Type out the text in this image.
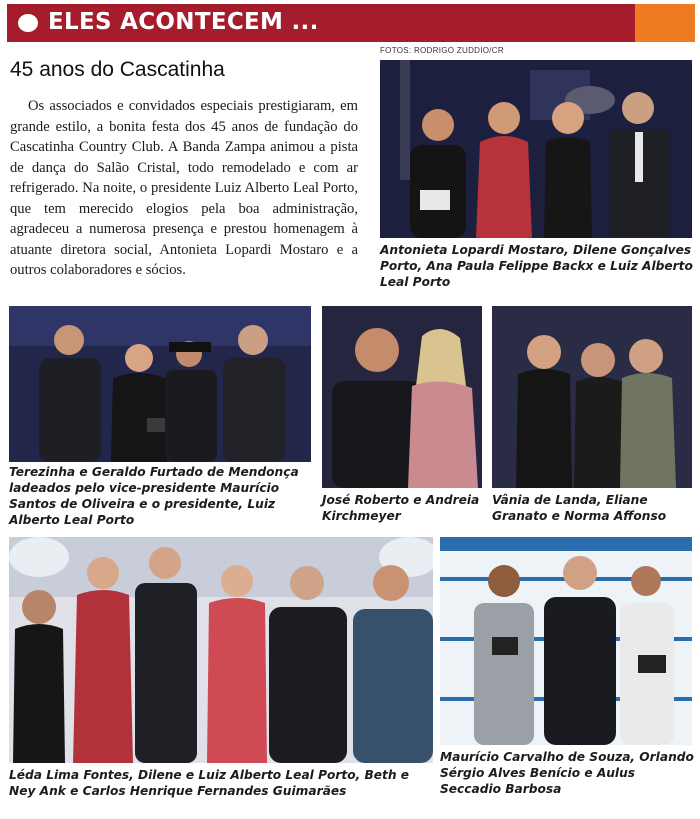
ELES ACONTECEM ...
FOTOS: RODRIGO ZUDDIO/CR
45 anos do Cascatinha

Os associados e convidados especiais prestigiaram, em grande estilo, a bonita festa dos 45 anos de fundação do Cascatinha Country Club. A Banda Zampa animou a pista de dança do Salão Cristal, todo remodelado e com ar refrigerado. Na noite, o presidente Luiz Alberto Leal Porto, que tem merecido elogios pela boa administração, agradeceu a numerosa presença e prestou homenagem à atuante diretora social, Antonieta Lopardi Mostaro e a outros colaboradores e sócios.

Antonieta Lopardi Mostaro, Dilene Gonçalves Porto, Ana Paula Felippe Backx e Luiz Alberto Leal Porto
Terezinha e Geraldo Furtado de Mendonça ladeados pelo vice-presidente Maurício Santos de Oliveira e o presidente, Luiz Alberto Leal Porto
José Roberto e Andreia Kirchmeyer
Vânia de Landa, Eliane Granato e Norma Affonso
Léda Lima Fontes, Dilene e Luiz Alberto Leal Porto, Beth e Ney Ank e Carlos Henrique Fernandes Guimarães
Maurício Carvalho de Souza, Orlando Sérgio Alves Benício e Aulus Seccadio Barbosa
